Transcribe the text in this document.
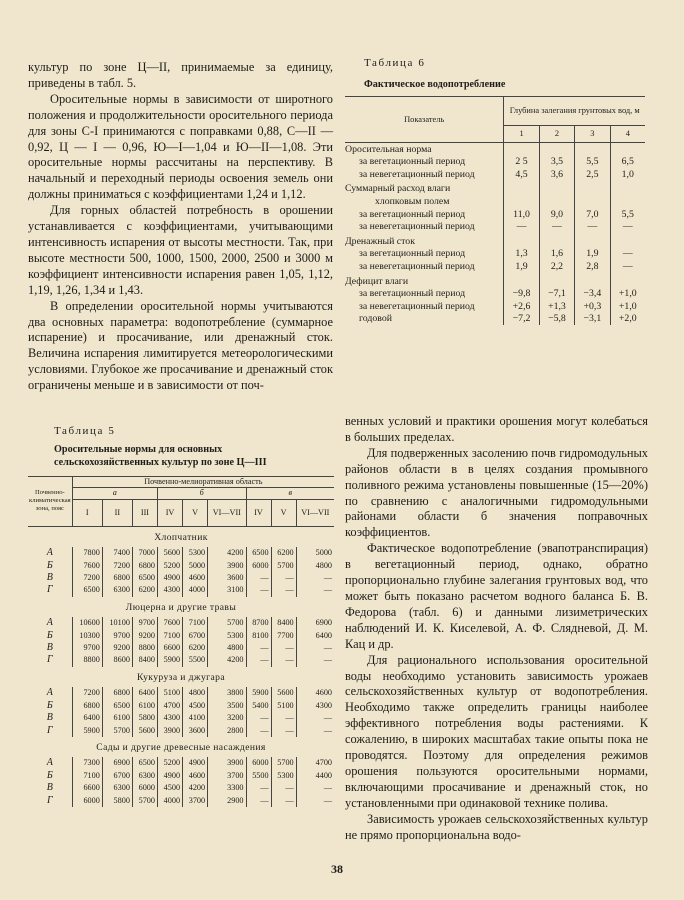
культур по зоне Ц—II, принимаемые за единицу, приведены в табл. 5.

Оросительные нормы в зависимости от широтного положения и продолжительности оросительного периода для зоны С-I принимаются с поправками 0,88, С—II — 0,92, Ц — I — 0,96, Ю—I—1,04 и Ю—II—1,08. Эти оросительные нормы рассчитаны на перспективу. В начальный и переходный периоды освоения земель они должны приниматься с коэффициентами 1,24 и 1,12.

Для горных областей потребность в орошении устанавливается с коэффициентами, учитывающими интенсивность испарения от высоты местности. Так, при высоте местности 500, 1000, 1500, 2000, 2500 и 3000 м коэффициент интенсивности испарения равен 1,05, 1,12, 1,19, 1,26, 1,34 и 1,43.

В определении оросительной нормы учитываются два основных параметра: водопотребление (суммарное испарение) и просачивание, или дренажный сток. Величина испарения лимитируется метеорологическими условиями. Глубокое же просачивание и дренажный сток ограничены меньше и в зависимости от поч-

Таблица 5
Оросительные нормы для основных сельскохозяйственных культур по зоне Ц—III
Почвенно-климатическая зона, пояс	Почвенно-мелиоративная область								
	а			б			в		
	I	II	III	IV	V	VI—VII	IV	V	VI—VII
Хлопчатник									
А	7800	7400	7000	5600	5300	4200	6500	6200	5000
Б	7600	7200	6800	5200	5000	3900	6000	5700	4800
В	7200	6800	6500	4900	4600	3600	—	—	—
Г	6500	6300	6200	4300	4000	3100	—	—	—
Люцерна и другие травы									
А	10600	10100	9700	7600	7100	5700	8700	8400	6900
Б	10300	9700	9200	7100	6700	5300	8100	7700	6400
В	9700	9200	8800	6600	6200	4800	—	—	—
Г	8800	8600	8400	5900	5500	4200	—	—	—
Кукуруза и джугара									
А	7200	6800	6400	5100	4800	3800	5900	5600	4600
Б	6800	6500	6100	4700	4500	3500	5400	5100	4300
В	6400	6100	5800	4300	4100	3200	—	—	—
Г	5900	5700	5600	3900	3600	2800	—	—	—
Сады и другие древесные насаждения									
А	7300	6900	6500	5200	4900	3900	6000	5700	4700
Б	7100	6700	6300	4900	4600	3700	5500	5300	4400
В	6600	6300	6000	4500	4200	3300	—	—	—
Г	6000	5800	5700	4000	3700	2900	—	—	—
Таблица 6
Фактическое водопотребление
Показатель	Глубина залегания грунтовых вод, м			
	1	2	3	4
Оросительная норма				
за вегетационный период	2 5	3,5	5,5	6,5
за невегетационный период	4,5	3,6	2,5	1,0
Суммарный расход влаги				
хлопковым полем				
за вегетационный период	11,0	9,0	7,0	5,5
за невегетационный период	—	—	—	—
Дренажный сток				
за вегетационный период	1,3	1,6	1,9	—
за невегетационный период	1,9	2,2	2,8	—
Дефицит влаги				
за вегетационный период	−9,8	−7,1	−3,4	+1,0
за невегетационный период	+2,6	+1,3	+0,3	+1,0
годовой	−7,2	−5,8	−3,1	+2,0

венных условий и практики орошения могут колебаться в больших пределах.

Для подверженных засолению почв гидромодульных районов области в в целях создания промывного поливного режима установлены повышенные (15—20%) по сравнению с аналогичными гидромодульными районами области б значения поправочных коэффициентов.

Фактическое водопотребление (эвапотранспирация) в вегетационный период, однако, обратно пропорционально глубине залегания грунтовых вод, что может быть показано расчетом водного баланса Б. В. Федорова (табл. 6) и данными лизиметрических наблюдений И. К. Киселевой, А. Ф. Слядневой, Д. М. Кац и др.

Для рационального использования оросительной воды необходимо установить зависимость урожаев сельскохозяйственных культур от водопотребления. Необходимо также определить границы наиболее эффективного потребления воды растениями. К сожалению, в широких масштабах такие опыты пока не проводятся. Поэтому для определения режимов орошения пользуются оросительными нормами, включающими просачивание и дренажный сток, но установленными при одинаковой технике полива.

Зависимость урожаев сельскохозяйственных культур не прямо пропорциональна водо-

38
